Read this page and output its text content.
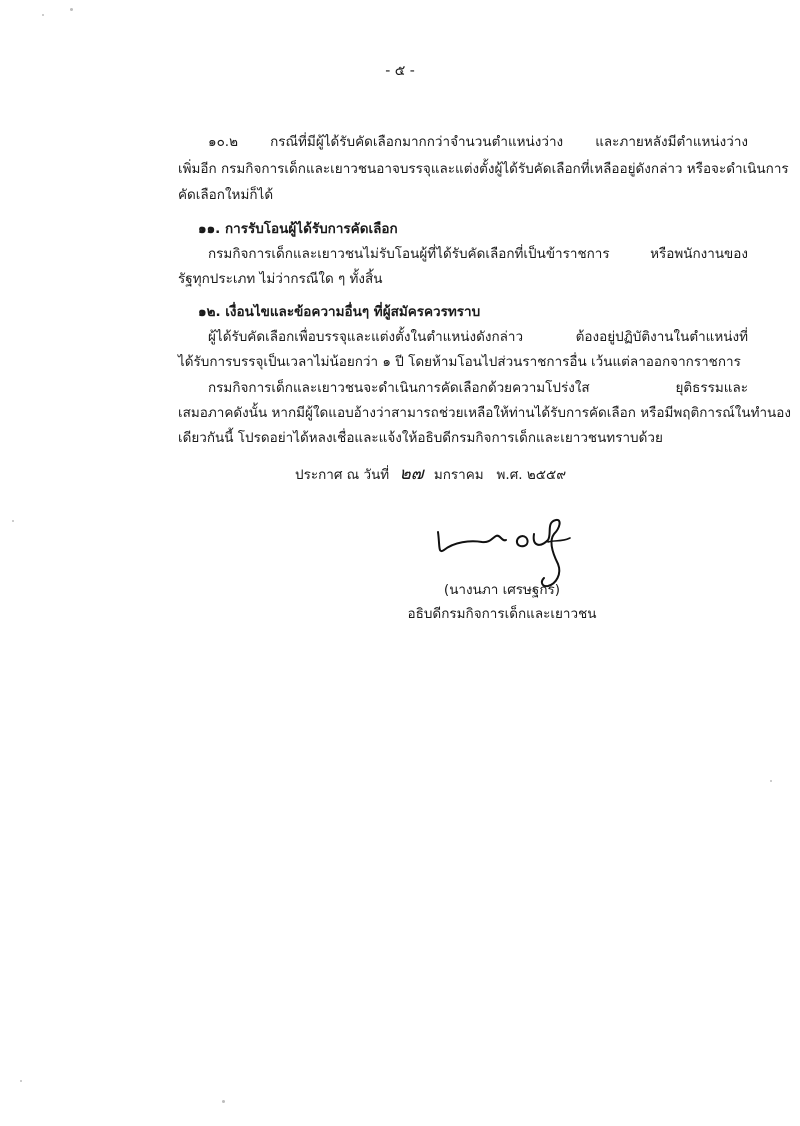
- ๕ -
๑๐.๒ กรณีที่มีผู้ได้รับคัดเลือกมากกว่าจำนวนตำแหน่งว่าง และภายหลังมีตำแหน่งว่าง
เพิ่มอีก กรมกิจการเด็กและเยาวชนอาจบรรจุและแต่งตั้งผู้ได้รับคัดเลือกที่เหลืออยู่ดังกล่าว หรือจะดำเนินการ
คัดเลือกใหม่ก็ได้
๑๑. การรับโอนผู้ได้รับการคัดเลือก
กรมกิจการเด็กและเยาวชนไม่รับโอนผู้ที่ได้รับคัดเลือกที่เป็นข้าราชการ หรือพนักงานของ
รัฐทุกประเภท ไม่ว่ากรณีใด ๆ ทั้งสิ้น
๑๒. เงื่อนไขและข้อความอื่นๆ ที่ผู้สมัครควรทราบ
ผู้ได้รับคัดเลือกเพื่อบรรจุและแต่งตั้งในตำแหน่งดังกล่าว ต้องอยู่ปฏิบัติงานในตำแหน่งที่
ได้รับการบรรจุเป็นเวลาไม่น้อยกว่า ๑ ปี โดยห้ามโอนไปส่วนราชการอื่น เว้นแต่ลาออกจากราชการ
กรมกิจการเด็กและเยาวชนจะดำเนินการคัดเลือกด้วยความโปร่งใส ยุติธรรมและ
เสมอภาคดังนั้น หากมีผู้ใดแอบอ้างว่าสามารถช่วยเหลือให้ท่านได้รับการคัดเลือก หรือมีพฤติการณ์ในทำนอง
เดียวกันนี้ โปรดอย่าได้หลงเชื่อและแจ้งให้อธิบดีกรมกิจการเด็กและเยาวชนทราบด้วย
ประกาศ ณ วันที่ ๒๗ มกราคม พ.ศ. ๒๕๕๙
(นางนภา เศรษฐกร)
อธิบดีกรมกิจการเด็กและเยาวชน
